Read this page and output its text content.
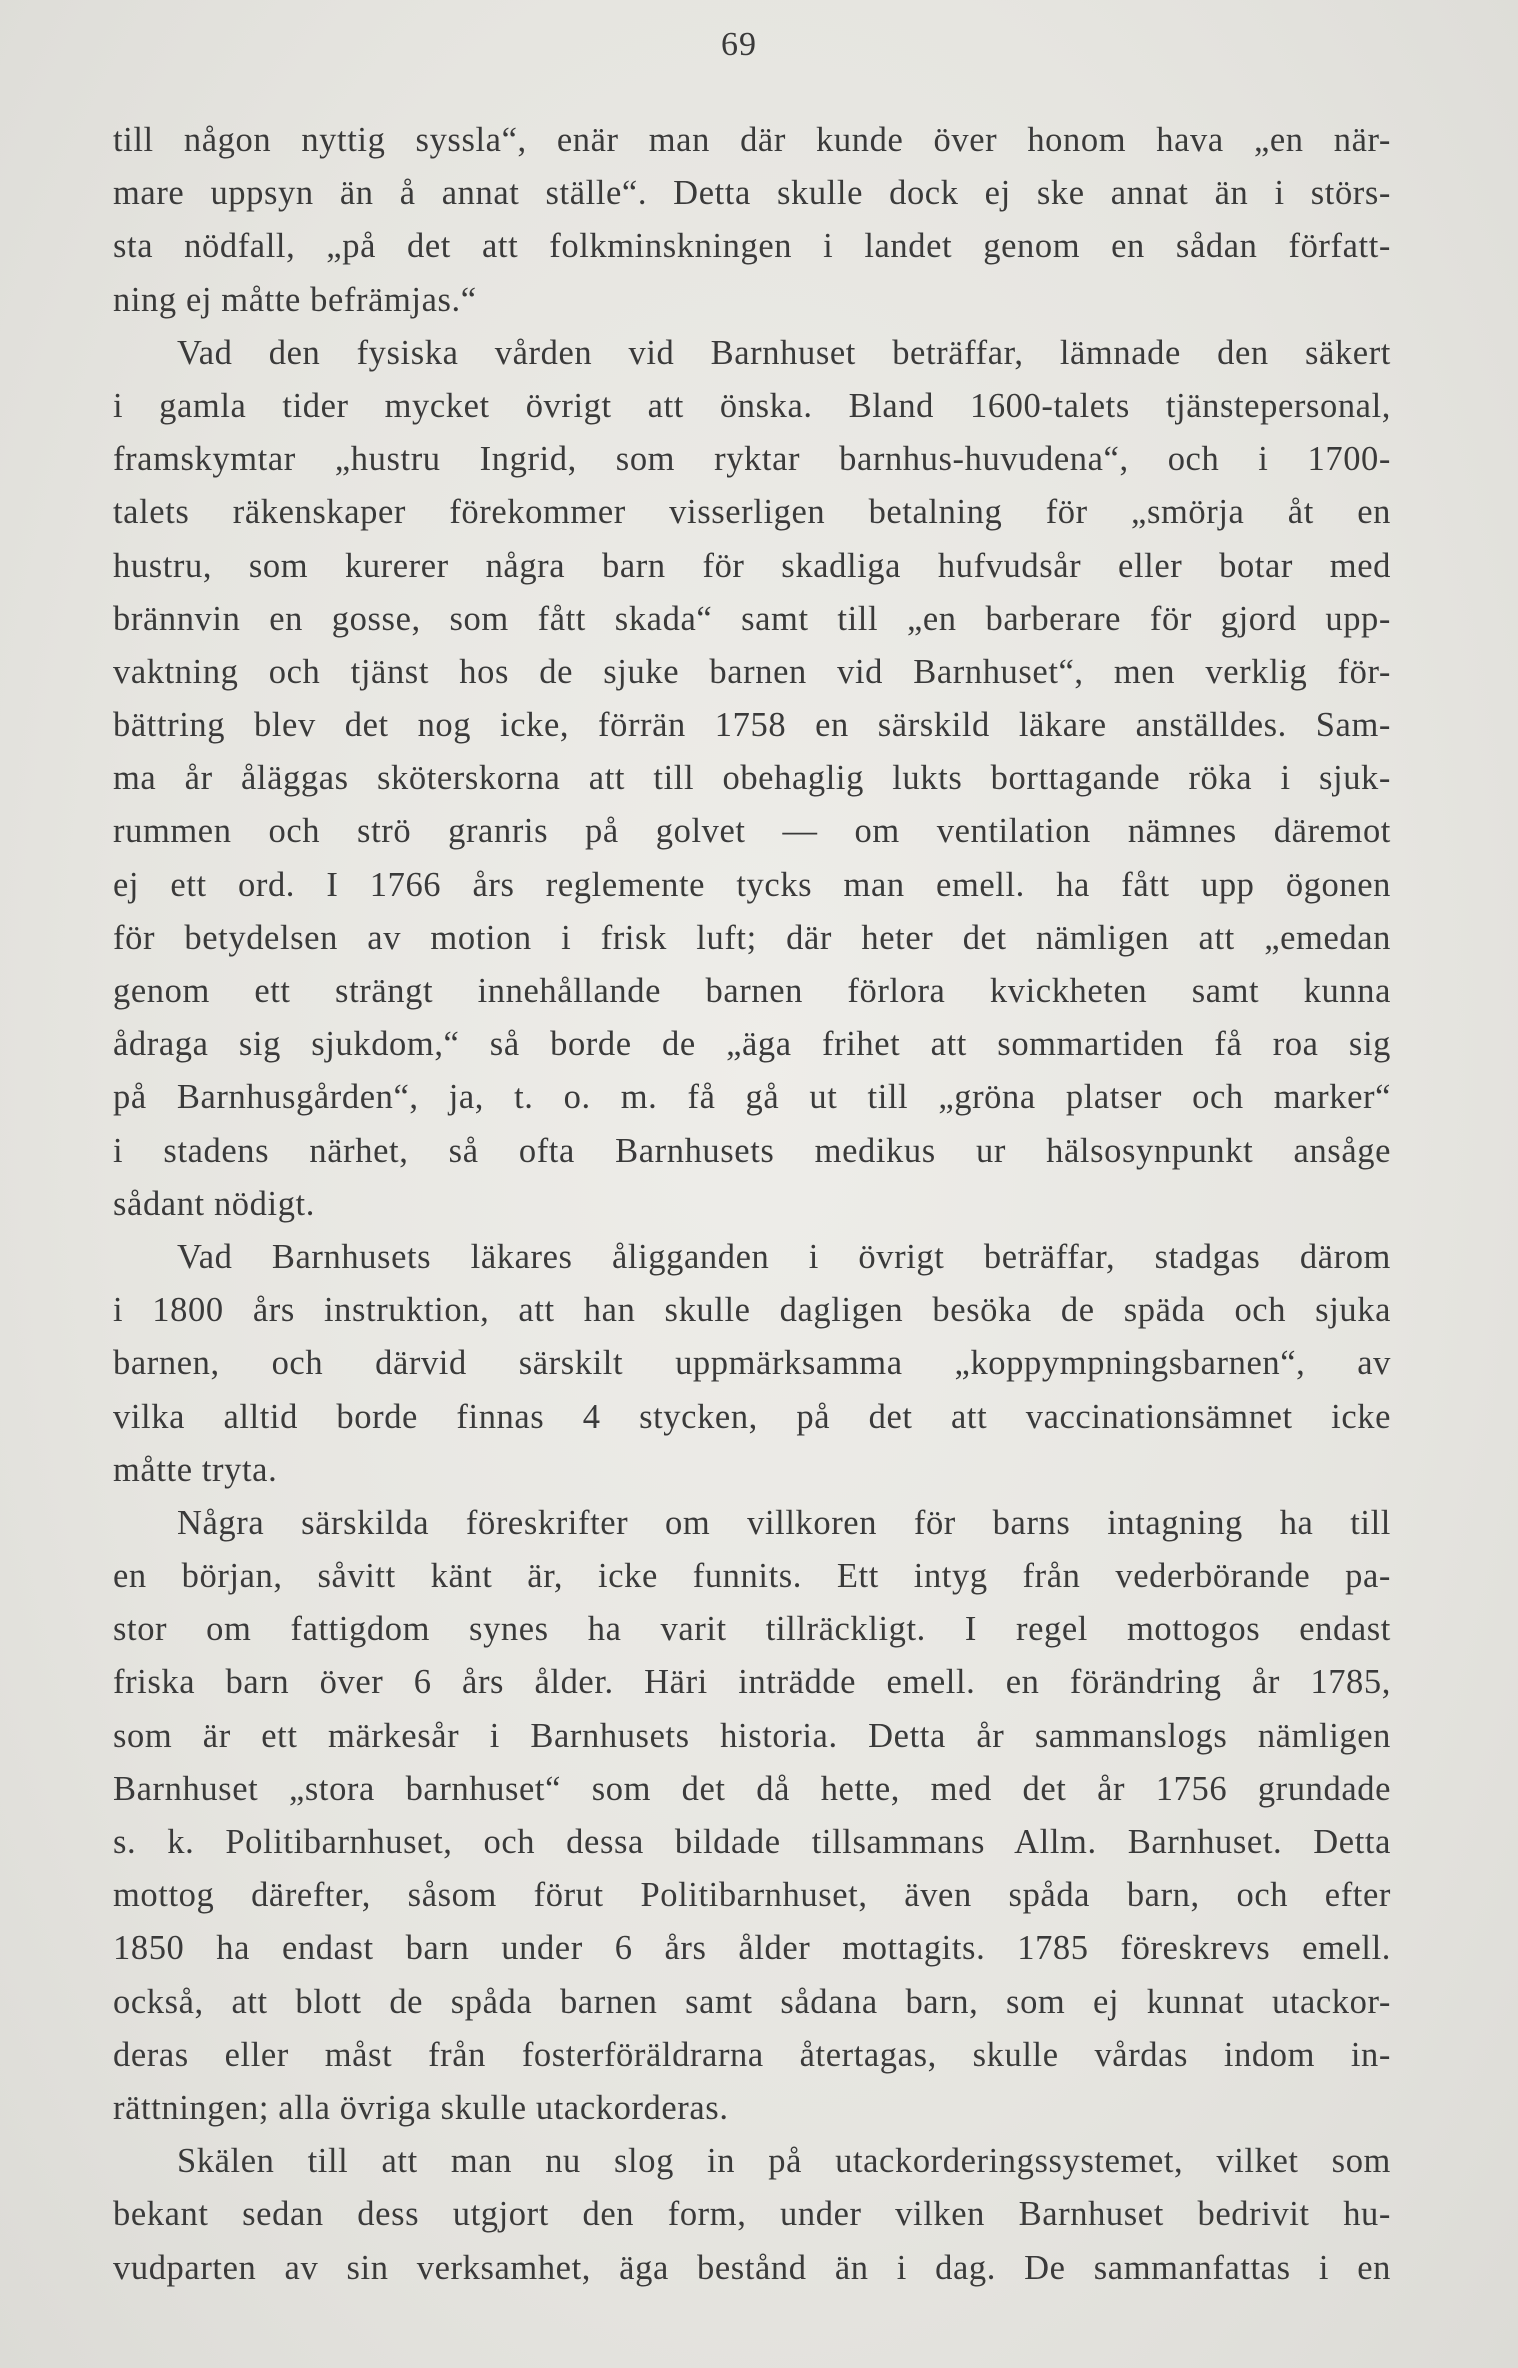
69
till någon nyttig syssla“, enär man där kunde över honom hava „en när-
mare uppsyn än å annat ställe“. Detta skulle dock ej ske annat än i störs-
sta nödfall, „på det att folkminskningen i landet genom en sådan författ-
ning ej måtte befrämjas.“
Vad den fysiska vården vid Barnhuset beträffar, lämnade den säkert
i gamla tider mycket övrigt att önska. Bland 1600-talets tjänstepersonal,
framskymtar „hustru Ingrid, som ryktar barnhus-huvudena“, och i 1700-
talets räkenskaper förekommer visserligen betalning för „smörja åt en
hustru, som kurerer några barn för skadliga hufvudsår eller botar med
brännvin en gosse, som fått skada“ samt till „en barberare för gjord upp-
vaktning och tjänst hos de sjuke barnen vid Barnhuset“, men verklig för-
bättring blev det nog icke, förrän 1758 en särskild läkare anställdes. Sam-
ma år åläggas sköterskorna att till obehaglig lukts borttagande röka i sjuk-
rummen och strö granris på golvet — om ventilation nämnes däremot
ej ett ord. I 1766 års reglemente tycks man emell. ha fått upp ögonen
för betydelsen av motion i frisk luft; där heter det nämligen att „emedan
genom ett strängt innehållande barnen förlora kvickheten samt kunna
ådraga sig sjukdom,“ så borde de „äga frihet att sommartiden få roa sig
på Barnhusgården“, ja, t. o. m. få gå ut till „gröna platser och marker“
i stadens närhet, så ofta Barnhusets medikus ur hälsosynpunkt ansåge
sådant nödigt.
Vad Barnhusets läkares åligganden i övrigt beträffar, stadgas därom
i 1800 års instruktion, att han skulle dagligen besöka de späda och sjuka
barnen, och därvid särskilt uppmärksamma „koppympningsbarnen“, av
vilka alltid borde finnas 4 stycken, på det att vaccinationsämnet icke
måtte tryta.
Några särskilda föreskrifter om villkoren för barns intagning ha till
en början, såvitt känt är, icke funnits. Ett intyg från vederbörande pa-
stor om fattigdom synes ha varit tillräckligt. I regel mottogos endast
friska barn över 6 års ålder. Häri inträdde emell. en förändring år 1785,
som är ett märkesår i Barnhusets historia. Detta år sammanslogs nämligen
Barnhuset „stora barnhuset“ som det då hette, med det år 1756 grundade
s. k. Politibarnhuset, och dessa bildade tillsammans Allm. Barnhuset. Detta
mottog därefter, såsom förut Politibarnhuset, även spåda barn, och efter
1850 ha endast barn under 6 års ålder mottagits. 1785 föreskrevs emell.
också, att blott de spåda barnen samt sådana barn, som ej kunnat utackor-
deras eller måst från fosterföräldrarna återtagas, skulle vårdas indom in-
rättningen; alla övriga skulle utackorderas.
Skälen till att man nu slog in på utackorderingssystemet, vilket som
bekant sedan dess utgjort den form, under vilken Barnhuset bedrivit hu-
vudparten av sin verksamhet, äga bestånd än i dag. De sammanfattas i en
